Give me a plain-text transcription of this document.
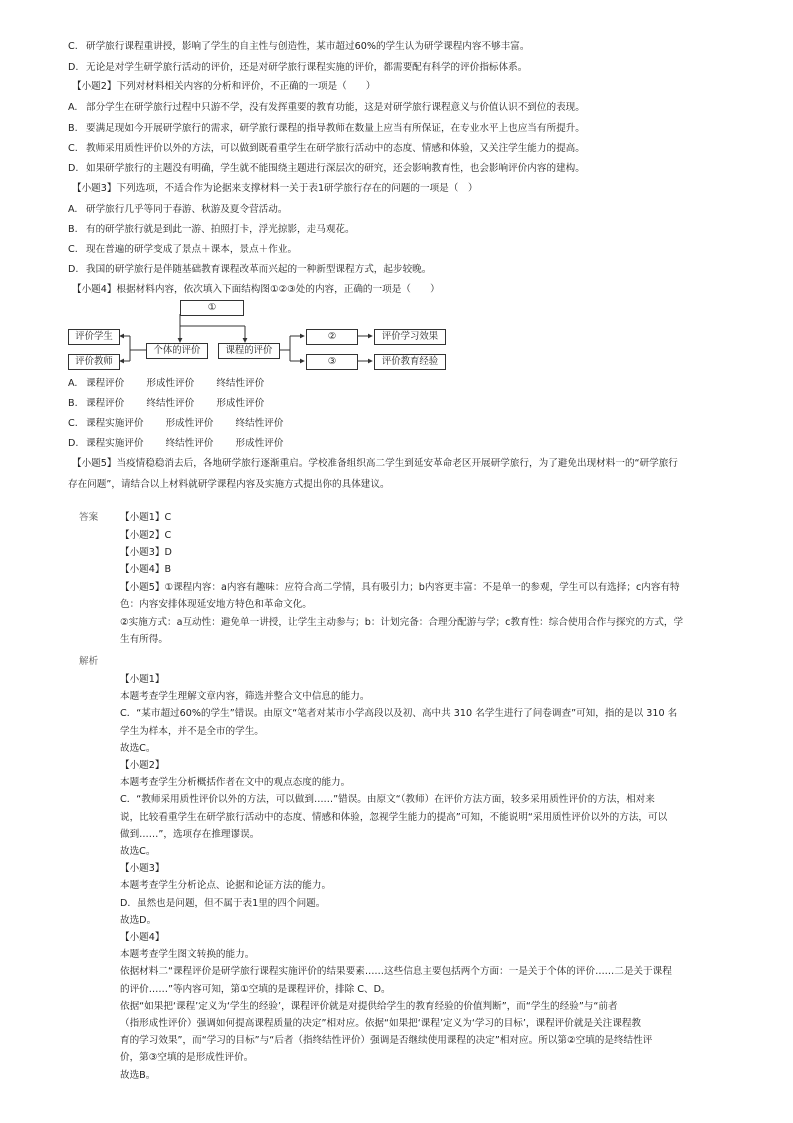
C. 研学旅行课程重讲授，影响了学生的自主性与创造性，某市超过60%的学生认为研学课程内容不够丰富。
D. 无论是对学生研学旅行活动的评价，还是对研学旅行课程实施的评价，都需要配有科学的评价指标体系。
【小题2】下列对材料相关内容的分析和评价，不正确的一项是（　　）
A. 部分学生在研学旅行过程中只游不学，没有发挥重要的教育功能，这是对研学旅行课程意义与价值认识不到位的表现。
B. 要满足现如今开展研学旅行的需求，研学旅行课程的指导教师在数量上应当有所保证，在专业水平上也应当有所提升。
C. 教师采用质性评价以外的方法，可以做到既看重学生在研学旅行活动中的态度、情感和体验，又关注学生能力的提高。
D. 如果研学旅行的主题没有明确，学生就不能围绕主题进行深层次的研究，还会影响教育性，也会影响评价内容的建构。
【小题3】下列选项，不适合作为论据来支撑材料一关于表1研学旅行存在的问题的一项是（　）
A. 研学旅行几乎等同于春游、秋游及夏令营活动。
B. 有的研学旅行就是到此一游、拍照打卡，浮光掠影，走马观花。
C. 现在普遍的研学变成了景点＋课本，景点＋作业。
D. 我国的研学旅行是伴随基础教育课程改革而兴起的一种新型课程方式，起步较晚。
【小题4】根据材料内容，依次填入下面结构图①②③处的内容，正确的一项是（　　）
①
评价学生
评价教师
个体的评价	课程的评价
②
③
评价学习效果
评价教育经验
A. 课程评价 形成性评价 终结性评价
B. 课程评价 终结性评价 形成性评价
C. 课程实施评价 形成性评价 终结性评价
D. 课程实施评价 终结性评价 形成性评价
【小题5】当疫情稳稳消去后，各地研学旅行逐渐重启。学校准备组织高二学生到延安革命老区开展研学旅行，为了避免出现材料一的“研学旅行
存在问题”，请结合以上材料就研学课程内容及实施方式提出你的具体建议。
答案 【小题1】C
【小题2】C
【小题3】D
【小题4】B
【小题5】①课程内容：a内容有趣味：应符合高二学情，具有吸引力；b内容更丰富：不是单一的参观，学生可以有选择；c内容有特
色：内容安排体现延安地方特色和革命文化。
②实施方式：a互动性：避免单一讲授，让学生主动参与；b：计划完备：合理分配游与学；c教育性：综合使用合作与探究的方式，学
生有所得。
解析
【小题1】
本题考查学生理解文章内容，筛选并整合文中信息的能力。
C．“某市超过60%的学生”错误。由原文“笔者对某市小学高段以及初、高中共 310 名学生进行了问卷调查”可知，指的是以 310 名
学生为样本，并不是全市的学生。
故选C。
【小题2】
本题考查学生分析概括作者在文中的观点态度的能力。
C．“教师采用质性评价以外的方法，可以做到……”错误。由原文“（教师）在评价方法方面，较多采用质性评价的方法，相对来
说，比较看重学生在研学旅行活动中的态度、情感和体验，忽视学生能力的提高”可知，不能说明“采用质性评价以外的方法，可以
做到……”，选项存在推理谬误。
故选C。
【小题3】
本题考查学生分析论点、论据和论证方法的能力。
D．虽然也是问题，但不属于表1里的四个问题。
故选D。
【小题4】
本题考查学生图文转换的能力。
依据材料二“课程评价是研学旅行课程实施评价的结果要素……这些信息主要包括两个方面：一是关于个体的评价……二是关于课程
的评价……”等内容可知，第①空填的是课程评价，排除 C、D。
依据“如果把‘课程’定义为‘学生的经验’，课程评价就是对提供给学生的教育经验的价值判断”，而“学生的经验”与“前者
（指形成性评价）强调如何提高课程质量的决定”相对应。依据“如果把‘课程’定义为‘学习的目标’，课程评价就是关注课程教
育的学习效果”，而“学习的目标”与“后者（指终结性评价）强调是否继续使用课程的决定”相对应。所以第②空填的是终结性评
价，第③空填的是形成性评价。
故选B。
